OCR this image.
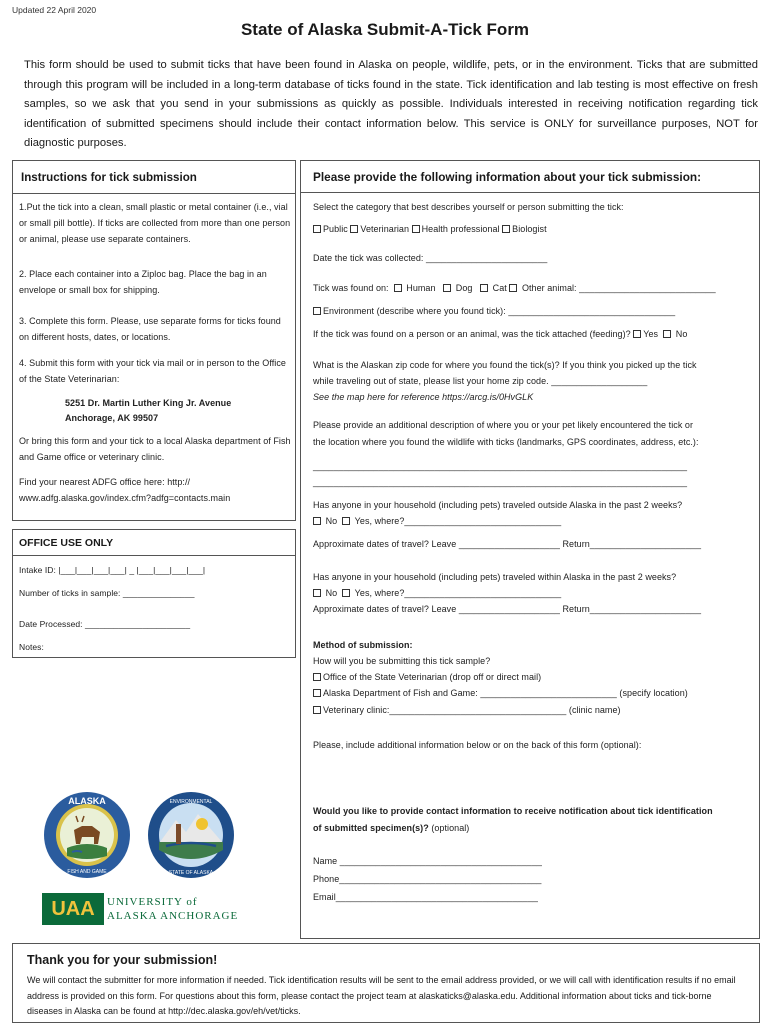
Updated 22 April 2020
State of Alaska Submit-A-Tick Form
This form should be used to submit ticks that have been found in Alaska on people, wildlife, pets, or in the environment. Ticks that are submitted through this program will be included in a long-term database of ticks found in the state. Tick identification and lab testing is most effective on fresh samples, so we ask that you send in your submissions as quickly as possible. Individuals interested in receiving notification regarding tick identification of submitted specimens should include their contact information below. This service is ONLY for surveillance purposes, NOT for diagnostic purposes.
Instructions for tick submission
1.Put the tick into a clean, small plastic or metal container (i.e., vial or small pill bottle). If ticks are collected from more than one person or animal, please use separate containers.
2. Place each container into a Ziploc bag. Place the bag in an envelope or small box for shipping.
3. Complete this form. Please, use separate forms for ticks found on different hosts, dates, or locations.
4. Submit this form with your tick via mail or in person to the Office of the State Veterinarian:
5251 Dr. Martin Luther King Jr. Avenue
Anchorage, AK 99507
Or bring this form and your tick to a local Alaska department of Fish and Game office or veterinary clinic.
Find your nearest ADFG office here: http://
www.adfg.alaska.gov/index.cfm?adfg=contacts.main
OFFICE USE ONLY
Intake ID: |___|___|___|___| _ |___|___|___|___|
Number of ticks in sample: _______________
Date Processed: ______________________
Notes:
ALASKA
FISH AND GAME
ENVIRONMENTAL
STATE OF ALASKA
UAA	UNIVERSITY of
ALASKA ANCHORAGE
Please provide the following information about your tick submission:
Select the category that best describes yourself or person submitting the tick:
Public Veterinarian Health professional Biologist
Date the tick was collected: ________________________
Tick was found on: Human Dog Cat Other animal: ___________________________
Environment (describe where you found tick): _________________________________
If the tick was found on a person or an animal, was the tick attached (feeding)? Yes No
What is the Alaskan zip code for where you found the tick(s)? If you think you picked up the tick
while traveling out of state, please list your home zip code. ___________________
See the map here for reference https://arcg.is/0HvGLK
Please provide an additional description of where you or your pet likely encountered the tick or
the location where you found the wildlife with ticks (landmarks, GPS coordinates, address, etc.):
__________________________________________________________________________
__________________________________________________________________________
Has anyone in your household (including pets) traveled outside Alaska in the past 2 weeks?
No Yes, where?_______________________________
Approximate dates of travel? Leave ____________________ Return______________________
Has anyone in your household (including pets) traveled within Alaska in the past 2 weeks?
No Yes, where?_______________________________
Approximate dates of travel? Leave ____________________ Return______________________
Method of submission:
How will you be submitting this tick sample?
Office of the State Veterinarian (drop off or direct mail)
Alaska Department of Fish and Game: ___________________________ (specify location)
Veterinary clinic:___________________________________ (clinic name)
Please, include additional information below or on the back of this form (optional):
Would you like to provide contact information to receive notification about tick identification
of submitted specimen(s)? (optional)
Name ________________________________________
Phone________________________________________
Email________________________________________
Thank you for your submission!
We will contact the submitter for more information if needed. Tick identification results will be sent to the email address provided, or we will call with identification results if no email address is provided on this form. For questions about this form, please contact the project team at alaskaticks@alaska.edu. Additional information about ticks and tick-borne diseases in Alaska can be found at http://dec.alaska.gov/eh/vet/ticks.
